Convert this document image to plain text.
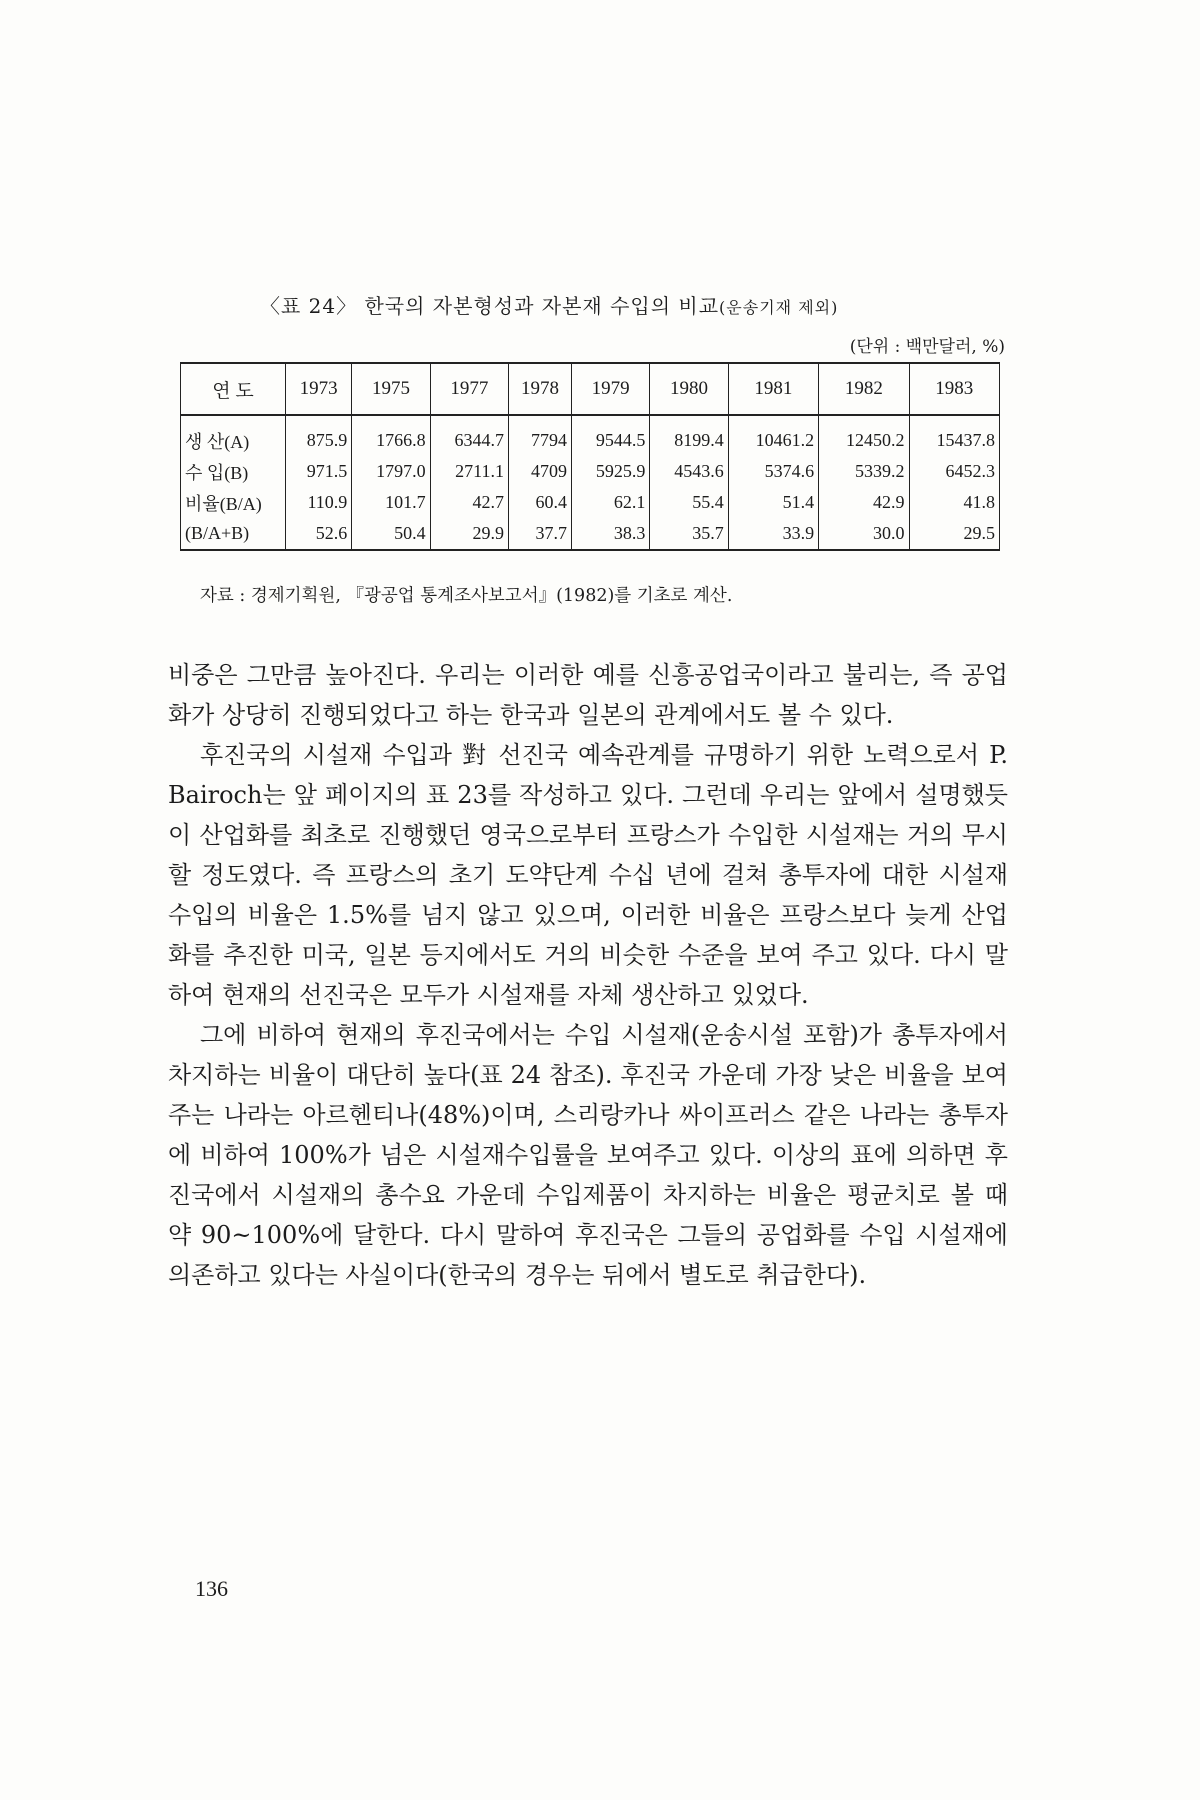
〈표 24〉 한국의 자본형성과 자본재 수입의 비교(운송기재 제외)
(단위 : 백만달러, %)
연 도	1973	1975	1977	1978	1979	1980	1981	1982	1983
생 산(A)	875.9	1766.8	6344.7	7794	9544.5	8199.4	10461.2	12450.2	15437.8
수 입(B)	971.5	1797.0	2711.1	4709	5925.9	4543.6	5374.6	5339.2	6452.3
비율(B/A)	110.9	101.7	42.7	60.4	62.1	55.4	51.4	42.9	41.8
(B/A+B)	52.6	50.4	29.9	37.7	38.3	35.7	33.9	30.0	29.5
자료 : 경제기획원, 『광공업 통계조사보고서』(1982)를 기초로 계산.

비중은 그만큼 높아진다. 우리는 이러한 예를 신흥공업국이라고 불리는, 즉 공업화가 상당히 진행되었다고 하는 한국과 일본의 관계에서도 볼 수 있다.

후진국의 시설재 수입과 對 선진국 예속관계를 규명하기 위한 노력으로서 P. Bairoch는 앞 페이지의 표 23를 작성하고 있다. 그런데 우리는 앞에서 설명했듯이 산업화를 최초로 진행했던 영국으로부터 프랑스가 수입한 시설재는 거의 무시할 정도였다. 즉 프랑스의 초기 도약단계 수십 년에 걸쳐 총투자에 대한 시설재 수입의 비율은 1.5%를 넘지 않고 있으며, 이러한 비율은 프랑스보다 늦게 산업화를 추진한 미국, 일본 등지에서도 거의 비슷한 수준을 보여 주고 있다. 다시 말하여 현재의 선진국은 모두가 시설재를 자체 생산하고 있었다.

그에 비하여 현재의 후진국에서는 수입 시설재(운송시설 포함)가 총투자에서 차지하는 비율이 대단히 높다(표 24 참조). 후진국 가운데 가장 낮은 비율을 보여 주는 나라는 아르헨티나(48%)이며, 스리랑카나 싸이프러스 같은 나라는 총투자에 비하여 100%가 넘은 시설재수입률을 보여주고 있다. 이상의 표에 의하면 후진국에서 시설재의 총수요 가운데 수입제품이 차지하는 비율은 평균치로 볼 때 약 90~100%에 달한다. 다시 말하여 후진국은 그들의 공업화를 수입 시설재에 의존하고 있다는 사실이다(한국의 경우는 뒤에서 별도로 취급한다).

136
